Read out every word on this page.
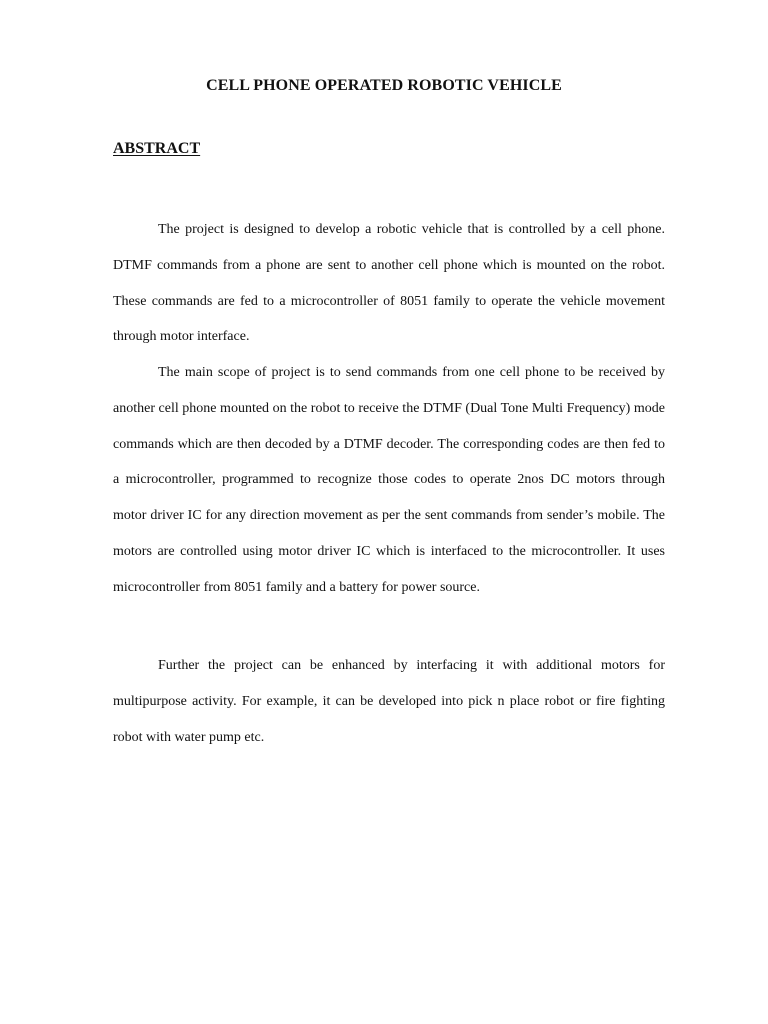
CELL PHONE OPERATED ROBOTIC VEHICLE
ABSTRACT

The project is designed to develop a robotic vehicle that is controlled by a cell phone. DTMF commands from a phone are sent to another cell phone which is mounted on the robot. These commands are fed to a microcontroller of 8051 family to operate the vehicle movement through motor interface.

The main scope of project is to send commands from one cell phone to be received by another cell phone mounted on the robot to receive the DTMF (Dual Tone Multi Frequency) mode commands which are then decoded by a DTMF decoder. The corresponding codes are then fed to a microcontroller, programmed to recognize those codes to operate 2nos DC motors through motor driver IC for any direction movement as per the sent commands from sender’s mobile. The motors are controlled using motor driver IC which is interfaced to the microcontroller. It uses microcontroller from 8051 family and a battery for power source.

Further the project can be enhanced by interfacing it with additional motors for multipurpose activity. For example, it can be developed into pick n place robot or fire fighting robot with water pump etc.
